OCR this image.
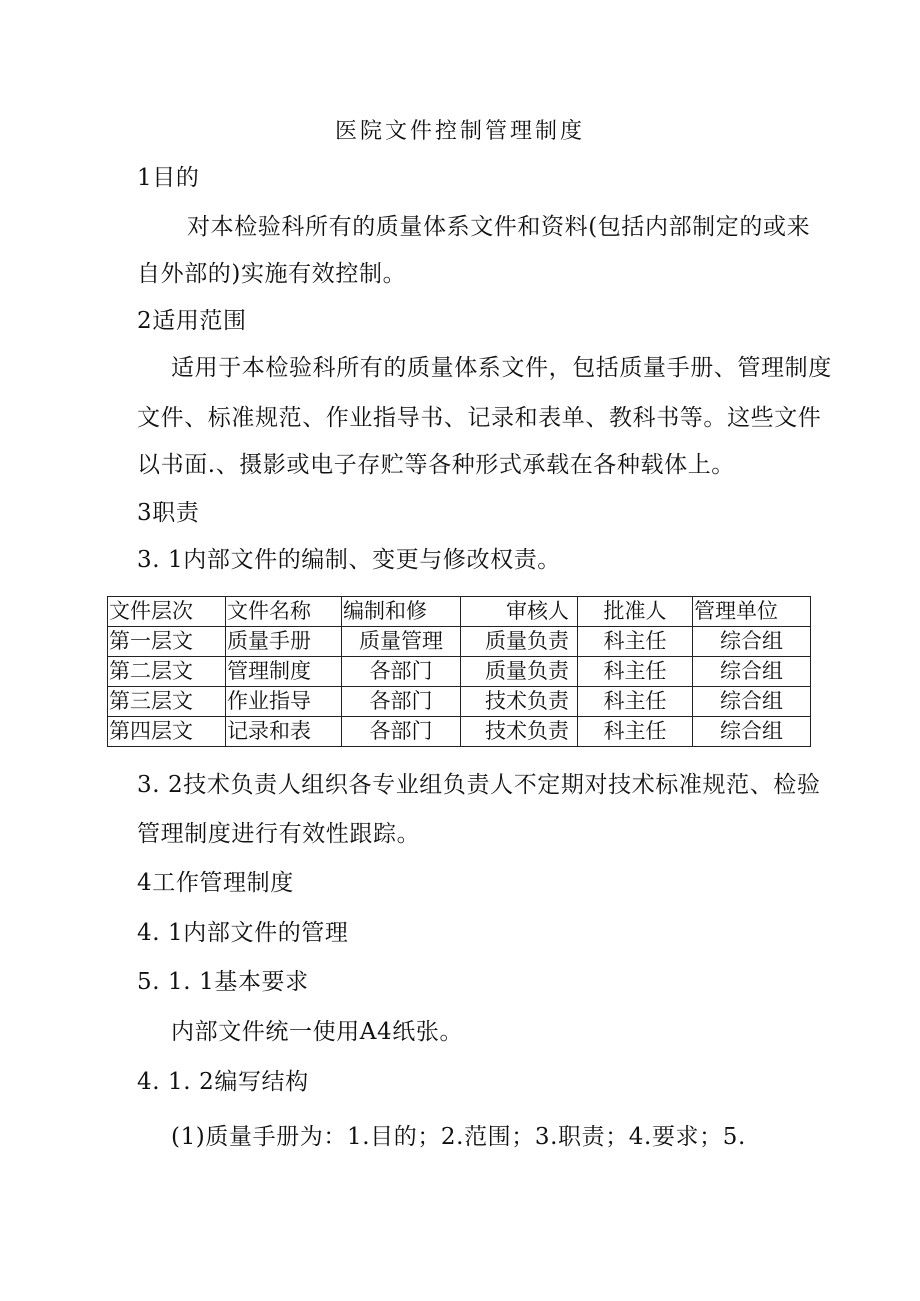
医院文件控制管理制度

1目的

对本检验科所有的质量体系文件和资料(包括内部制定的或来

自外部的)实施有效控制。

2适用范围

适用于本检验科所有的质量体系文件，包括质量手册、管理制度

文件、标准规范、作业指导书、记录和表单、教科书等。这些文件

以书面.、摄影或电子存贮等各种形式承载在各种载体上。

3职责

3. 1内部文件的编制、变更与修改权责。

文件层次	文件名称	编制和修	审核人	批准人	管理单位
第一层文	质量手册	质量管理	质量负责	科主任	综合组
第二层文	管理制度	各部门	质量负责	科主任	综合组
第三层文	作业指导	各部门	技术负责	科主任	综合组
第四层文	记录和表	各部门	技术负责	科主任	综合组

3. 2技术负责人组织各专业组负责人不定期对技术标准规范、检验

管理制度进行有效性跟踪。

4工作管理制度

4. 1内部文件的管理

5. 1. 1基本要求

内部文件统一使用A4纸张。

4. 1. 2编写结构

(1)质量手册为：1.目的；2.范围；3.职责；4.要求；5.
